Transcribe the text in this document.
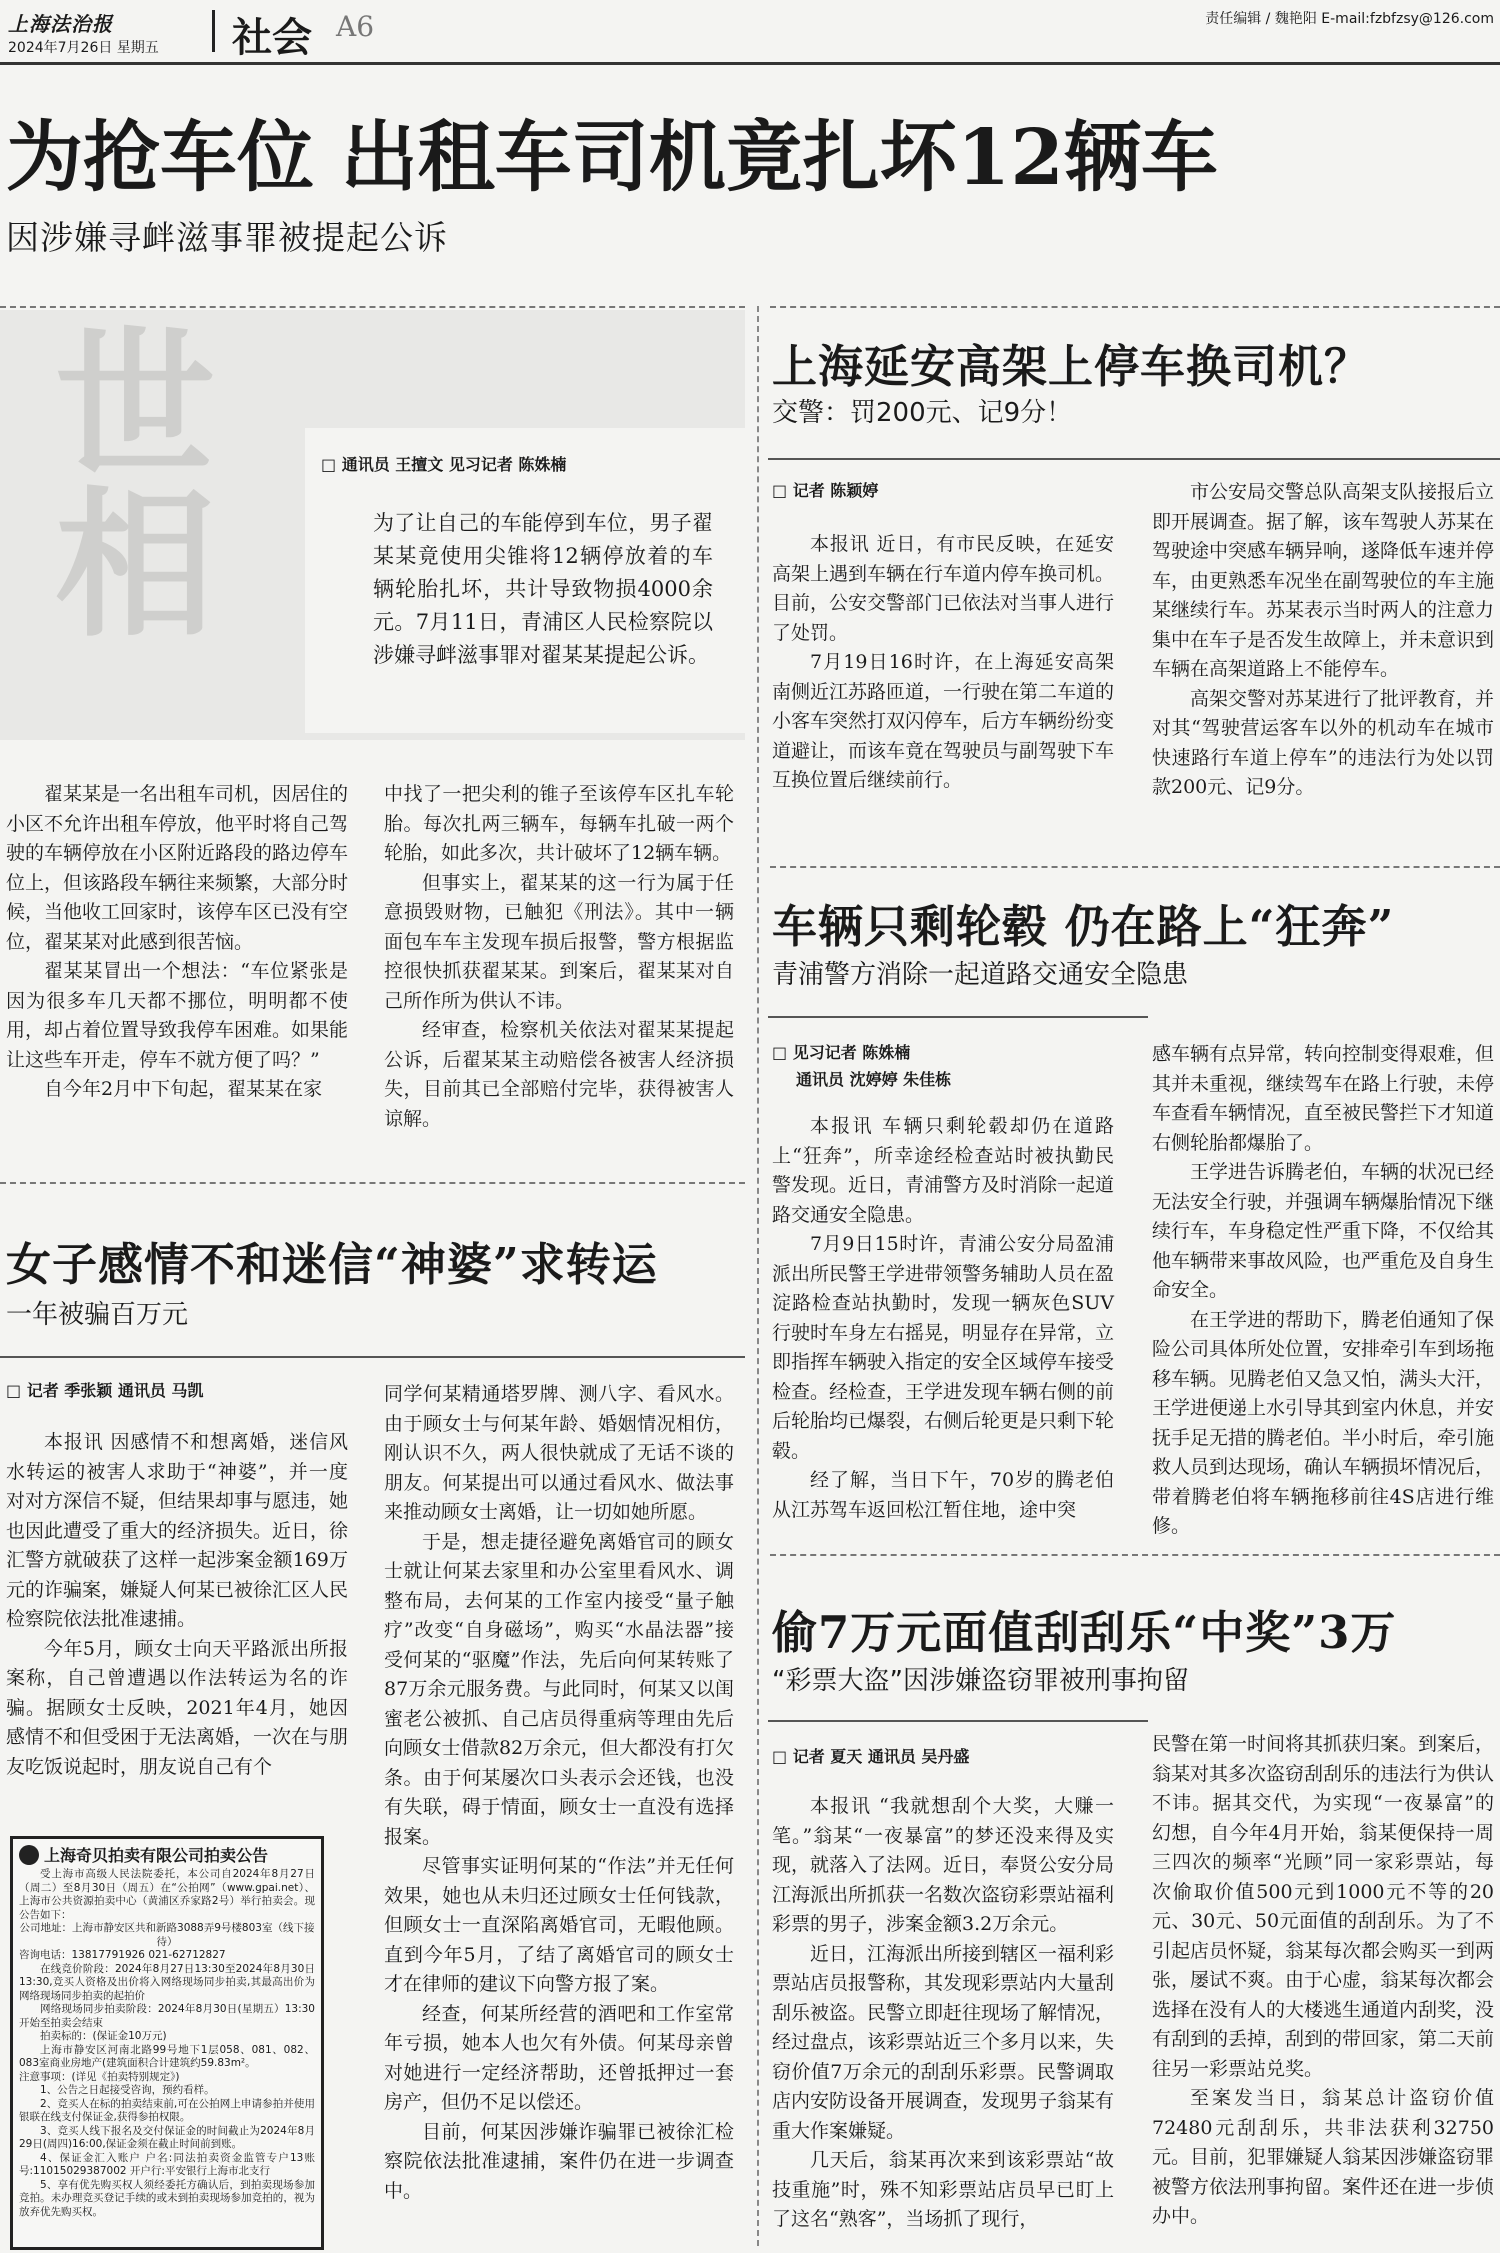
上海法治报
2024年7月26日 星期五 社会 A6	责任编辑 / 魏艳阳 E-mail:fzbfzsy@126.com
为抢车位 出租车司机竟扎坏12辆车
因涉嫌寻衅滋事罪被提起公诉
世相	□ 通讯员 王擅文 见习记者 陈姝楠
为了让自己的车能停到车位，男子翟某某竟使用尖锥将12辆停放着的车辆轮胎扎坏，共计导致物损4000余元。7月11日，青浦区人民检察院以涉嫌寻衅滋事罪对翟某某提起公诉。

翟某某是一名出租车司机，因居住的小区不允许出租车停放，他平时将自己驾驶的车辆停放在小区附近路段的路边停车位上，但该路段车辆往来频繁，大部分时候，当他收工回家时，该停车区已没有空位，翟某某对此感到很苦恼。

翟某某冒出一个想法：“车位紧张是因为很多车几天都不挪位，明明都不使用，却占着位置导致我停车困难。如果能让这些车开走，停车不就方便了吗？”

自今年2月中下旬起，翟某某在家

中找了一把尖利的锥子至该停车区扎车轮胎。每次扎两三辆车，每辆车扎破一两个轮胎，如此多次，共计破坏了12辆车辆。

但事实上，翟某某的这一行为属于任意损毁财物，已触犯《刑法》。其中一辆面包车车主发现车损后报警，警方根据监控很快抓获翟某某。到案后，翟某某对自己所作所为供认不讳。

经审查，检察机关依法对翟某某提起公诉，后翟某某主动赔偿各被害人经济损失，目前其已全部赔付完毕，获得被害人谅解。

女子感情不和迷信“神婆”求转运
一年被骗百万元
□ 记者 季张颖 通讯员 马凯

本报讯 因感情不和想离婚，迷信风水转运的被害人求助于“神婆”，并一度对对方深信不疑，但结果却事与愿违，她也因此遭受了重大的经济损失。近日，徐汇警方就破获了这样一起涉案金额169万元的诈骗案，嫌疑人何某已被徐汇区人民检察院依法批准逮捕。

今年5月，顾女士向天平路派出所报案称，自己曾遭遇以作法转运为名的诈骗。据顾女士反映，2021年4月，她因感情不和但受困于无法离婚，一次在与朋友吃饭说起时，朋友说自己有个

同学何某精通塔罗牌、测八字、看风水。由于顾女士与何某年龄、婚姻情况相仿，刚认识不久，两人很快就成了无话不谈的朋友。何某提出可以通过看风水、做法事来推动顾女士离婚，让一切如她所愿。

于是，想走捷径避免离婚官司的顾女士就让何某去家里和办公室里看风水、调整布局，去何某的工作室内接受“量子触疗”改变“自身磁场”，购买“水晶法器”接受何某的“驱魔”作法，先后向何某转账了87万余元服务费。与此同时，何某又以闺蜜老公被抓、自己店员得重病等理由先后向顾女士借款82万余元，但大都没有打欠条。由于何某屡次口头表示会还钱，也没有失联，碍于情面，顾女士一直没有选择报案。

尽管事实证明何某的“作法”并无任何效果，她也从未归还过顾女士任何钱款，但顾女士一直深陷离婚官司，无暇他顾。直到今年5月，了结了离婚官司的顾女士才在律师的建议下向警方报了案。

经查，何某所经营的酒吧和工作室常年亏损，她本人也欠有外债。何某母亲曾对她进行一定经济帮助，还曾抵押过一套房产，但仍不足以偿还。

目前，何某因涉嫌诈骗罪已被徐汇检察院依法批准逮捕，案件仍在进一步调查中。

上海奇贝拍卖有限公司拍卖公告

受上海市高级人民法院委托，本公司自2024年8月27日（周二）至8月30日（周五）在“公拍网”（www.gpai.net）、上海市公共资源拍卖中心（黄浦区乔家路2号）举行拍卖会。现公告如下：

公司地址：上海市静安区共和新路3088弄9号楼803室（线下接待）

咨询电话：13817791926 021-62712827

在线竞价阶段：2024年8月27日13:30至2024年8月30日13:30,竞买人资格及出价将入网络现场同步拍卖,其最高出价为网络现场同步拍卖的起拍价

网络现场同步拍卖阶段：2024年8月30日(星期五）13:30开始至拍卖会结束

拍卖标的：(保证金10万元)

上海市静安区河南北路99号地下1层058、081、082、083室商业房地产(建筑面积合计建筑约59.83m²。

注意事项：(详见《拍卖特别规定》)

1、公告之日起接受咨询，预约看样。

2、竞买人在标的拍卖结束前,可在公拍网上申请参拍并使用银联在线支付保证金,获得参拍权限。

3、竞买人线下报名及交付保证金的时间截止为2024年8月29日(周四)16:00,保证金须在截止时间前到账。

4、保证金汇入账户 户名:同法拍卖资金监管专户13账号:11015029387002 开户行:平安银行上海市北支行

5、享有优先购买权人须经委托方确认后，到拍卖现场参加竞拍。未办理竞买登记手续的或未到拍卖现场参加竞拍的，视为放弃优先购买权。

上海延安高架上停车换司机？
交警：罚200元、记9分！
□ 记者 陈颖婷

本报讯 近日，有市民反映，在延安高架上遇到车辆在行车道内停车换司机。目前，公安交警部门已依法对当事人进行了处罚。

7月19日16时许，在上海延安高架南侧近江苏路匝道，一行驶在第二车道的小客车突然打双闪停车，后方车辆纷纷变道避让，而该车竟在驾驶员与副驾驶下车互换位置后继续前行。

市公安局交警总队高架支队接报后立即开展调查。据了解，该车驾驶人苏某在驾驶途中突感车辆异响，遂降低车速并停车，由更熟悉车况坐在副驾驶位的车主施某继续行车。苏某表示当时两人的注意力集中在车子是否发生故障上，并未意识到车辆在高架道路上不能停车。

高架交警对苏某进行了批评教育，并对其“驾驶营运客车以外的机动车在城市快速路行车道上停车”的违法行为处以罚款200元、记9分。

车辆只剩轮毂 仍在路上“狂奔”
青浦警方消除一起道路交通安全隐患
□ 见习记者 陈姝楠
通讯员 沈婷婷 朱佳栋

本报讯 车辆只剩轮毂却仍在道路上“狂奔”，所幸途经检查站时被执勤民警发现。近日，青浦警方及时消除一起道路交通安全隐患。

7月9日15时许，青浦公安分局盈浦派出所民警王学进带领警务辅助人员在盈淀路检查站执勤时，发现一辆灰色SUV行驶时车身左右摇晃，明显存在异常，立即指挥车辆驶入指定的安全区域停车接受检查。经检查，王学进发现车辆右侧的前后轮胎均已爆裂，右侧后轮更是只剩下轮毂。

经了解，当日下午，70岁的腾老伯从江苏驾车返回松江暂住地，途中突

感车辆有点异常，转向控制变得艰难，但其并未重视，继续驾车在路上行驶，未停车查看车辆情况，直至被民警拦下才知道右侧轮胎都爆胎了。

王学进告诉腾老伯，车辆的状况已经无法安全行驶，并强调车辆爆胎情况下继续行车，车身稳定性严重下降，不仅给其他车辆带来事故风险，也严重危及自身生命安全。

在王学进的帮助下，腾老伯通知了保险公司具体所处位置，安排牵引车到场拖移车辆。见腾老伯又急又怕，满头大汗，王学进便递上水引导其到室内休息，并安抚手足无措的腾老伯。半小时后，牵引施救人员到达现场，确认车辆损坏情况后，带着腾老伯将车辆拖移前往4S店进行维修。

偷7万元面值刮刮乐“中奖”3万
“彩票大盗”因涉嫌盗窃罪被刑事拘留
□ 记者 夏天 通讯员 吴丹盛

本报讯 “我就想刮个大奖，大赚一笔。”翁某“一夜暴富”的梦还没来得及实现，就落入了法网。近日，奉贤公安分局江海派出所抓获一名数次盗窃彩票站福利彩票的男子，涉案金额3.2万余元。

近日，江海派出所接到辖区一福利彩票站店员报警称，其发现彩票站内大量刮刮乐被盗。民警立即赶往现场了解情况，经过盘点，该彩票站近三个多月以来，失窃价值7万余元的刮刮乐彩票。民警调取店内安防设备开展调查，发现男子翁某有重大作案嫌疑。

几天后，翁某再次来到该彩票站“故技重施”时，殊不知彩票站店员早已盯上了这名“熟客”，当场抓了现行，

民警在第一时间将其抓获归案。到案后，翁某对其多次盗窃刮刮乐的违法行为供认不讳。据其交代，为实现“一夜暴富”的幻想，自今年4月开始，翁某便保持一周三四次的频率“光顾”同一家彩票站，每次偷取价值500元到1000元不等的20元、30元、50元面值的刮刮乐。为了不引起店员怀疑，翁某每次都会购买一到两张，屡试不爽。由于心虚，翁某每次都会选择在没有人的大楼逃生通道内刮奖，没有刮到的丢掉，刮到的带回家，第二天前往另一彩票站兑奖。

至案发当日，翁某总计盗窃价值72480元刮刮乐，共非法获利32750元。目前，犯罪嫌疑人翁某因涉嫌盗窃罪被警方依法刑事拘留。案件还在进一步侦办中。
